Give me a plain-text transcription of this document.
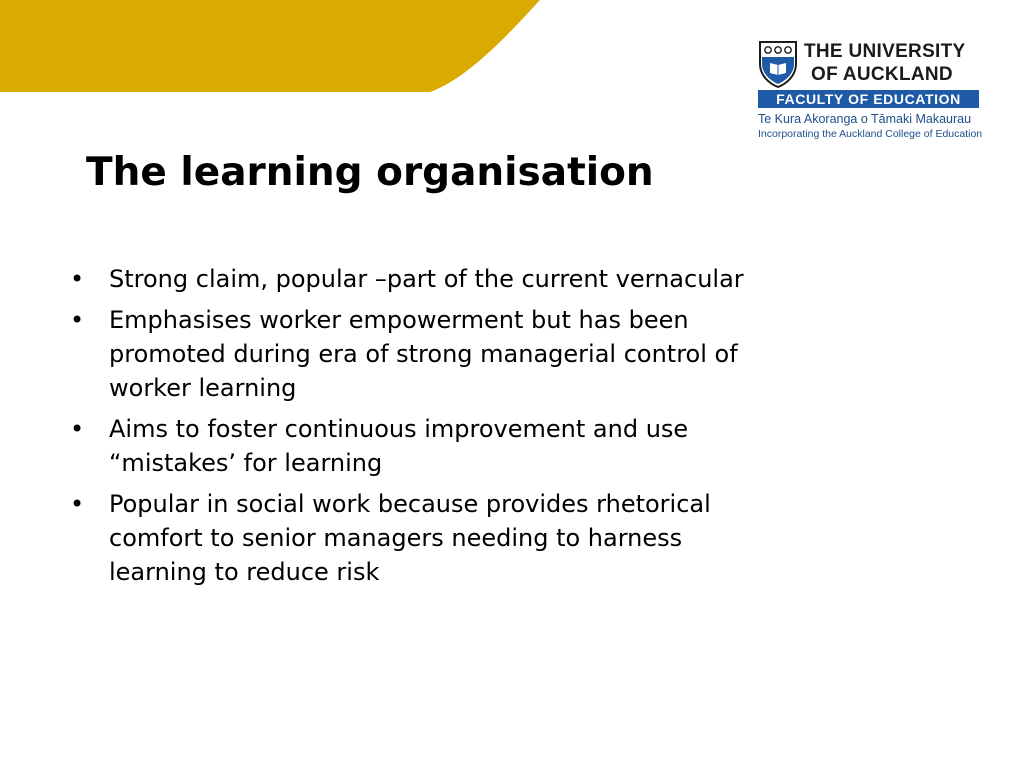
THE UNIVERSITY
OF AUCKLAND
FACULTY OF EDUCATION
Te Kura Akoranga o Tāmaki Makaurau
Incorporating the Auckland College of Education
The learning organisation
• Strong claim, popular –part of the current vernacular
• Emphasises worker empowerment but has been
promoted during era of strong managerial control of
worker learning
• Aims to foster continuous improvement and use
“mistakes’ for learning
• Popular in social work because provides rhetorical
comfort to senior managers needing to harness
learning to reduce risk
